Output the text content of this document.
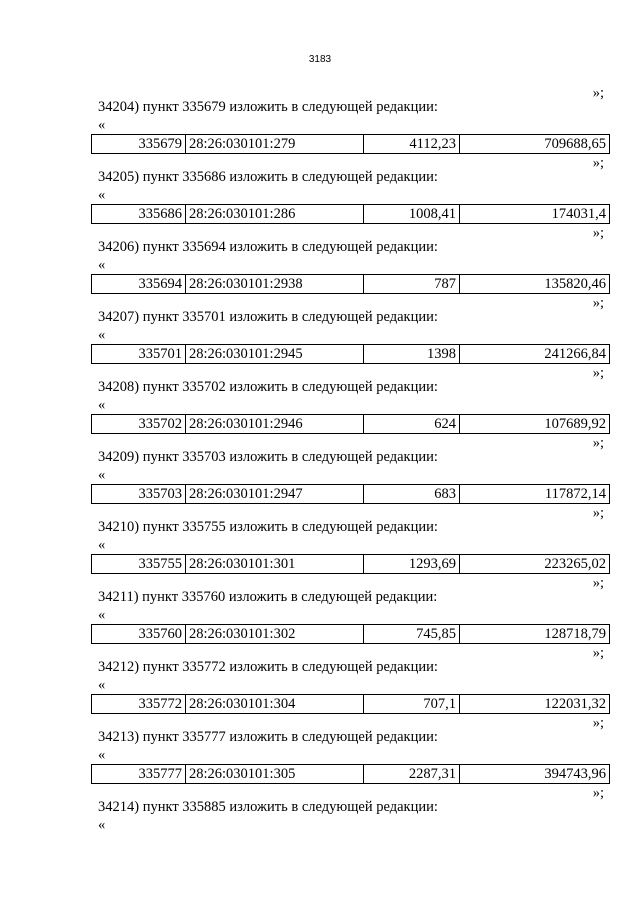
3183
»;
34204) пункт 335679 изложить в следующей редакции:
«
335679	28:26:030101:279	4112,23	709688,65
»;
34205) пункт 335686 изложить в следующей редакции:
«
335686	28:26:030101:286	1008,41	174031,4
»;
34206) пункт 335694 изложить в следующей редакции:
«
335694	28:26:030101:2938	787	135820,46
»;
34207) пункт 335701 изложить в следующей редакции:
«
335701	28:26:030101:2945	1398	241266,84
»;
34208) пункт 335702 изложить в следующей редакции:
«
335702	28:26:030101:2946	624	107689,92
»;
34209) пункт 335703 изложить в следующей редакции:
«
335703	28:26:030101:2947	683	117872,14
»;
34210) пункт 335755 изложить в следующей редакции:
«
335755	28:26:030101:301	1293,69	223265,02
»;
34211) пункт 335760 изложить в следующей редакции:
«
335760	28:26:030101:302	745,85	128718,79
»;
34212) пункт 335772 изложить в следующей редакции:
«
335772	28:26:030101:304	707,1	122031,32
»;
34213) пункт 335777 изложить в следующей редакции:
«
335777	28:26:030101:305	2287,31	394743,96
»;
34214) пункт 335885 изложить в следующей редакции:
«
